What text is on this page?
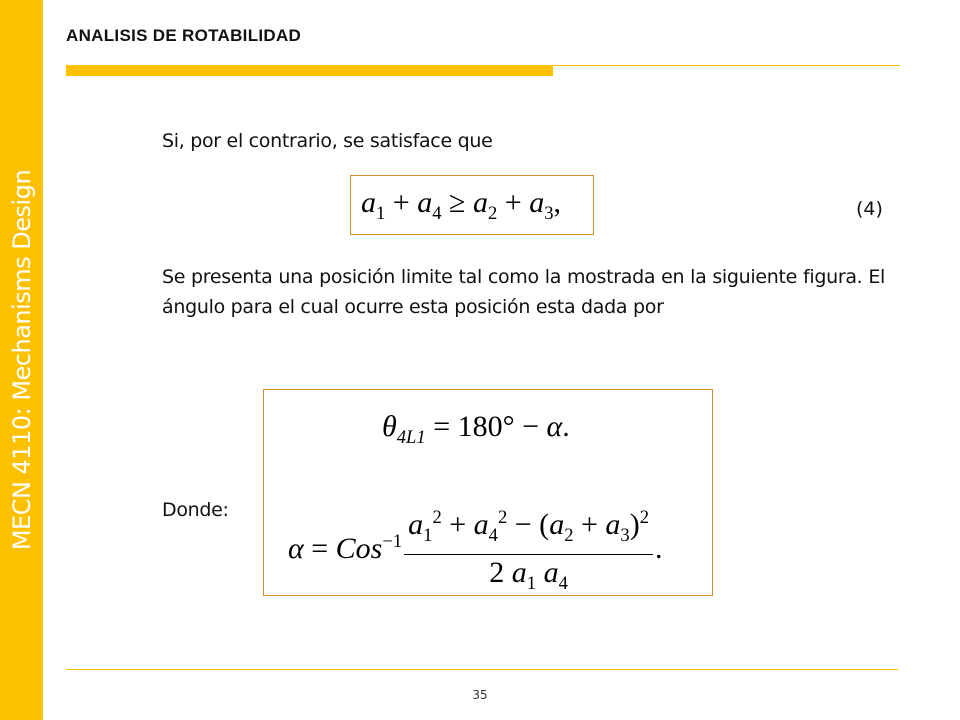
MECN 4110: Mechanisms Design
ANALISIS DE ROTABILIDAD
Si, por el contrario, se satisface que
$a_1 + a_4 \ge a_2 + a_3$,	(4)
Se presenta una posición limite tal como la mostrada en la siguiente figura. El ángulo para el cual ocurre esta posición esta dada por
$\theta_{4L1} = 180^\circ - \alpha$.
$\alpha = Cos^{-1} \frac{a_1^2 + a_4^2 - (a_2 + a_3)^2}{2 a_1 a_4}$ .
Donde:
35
